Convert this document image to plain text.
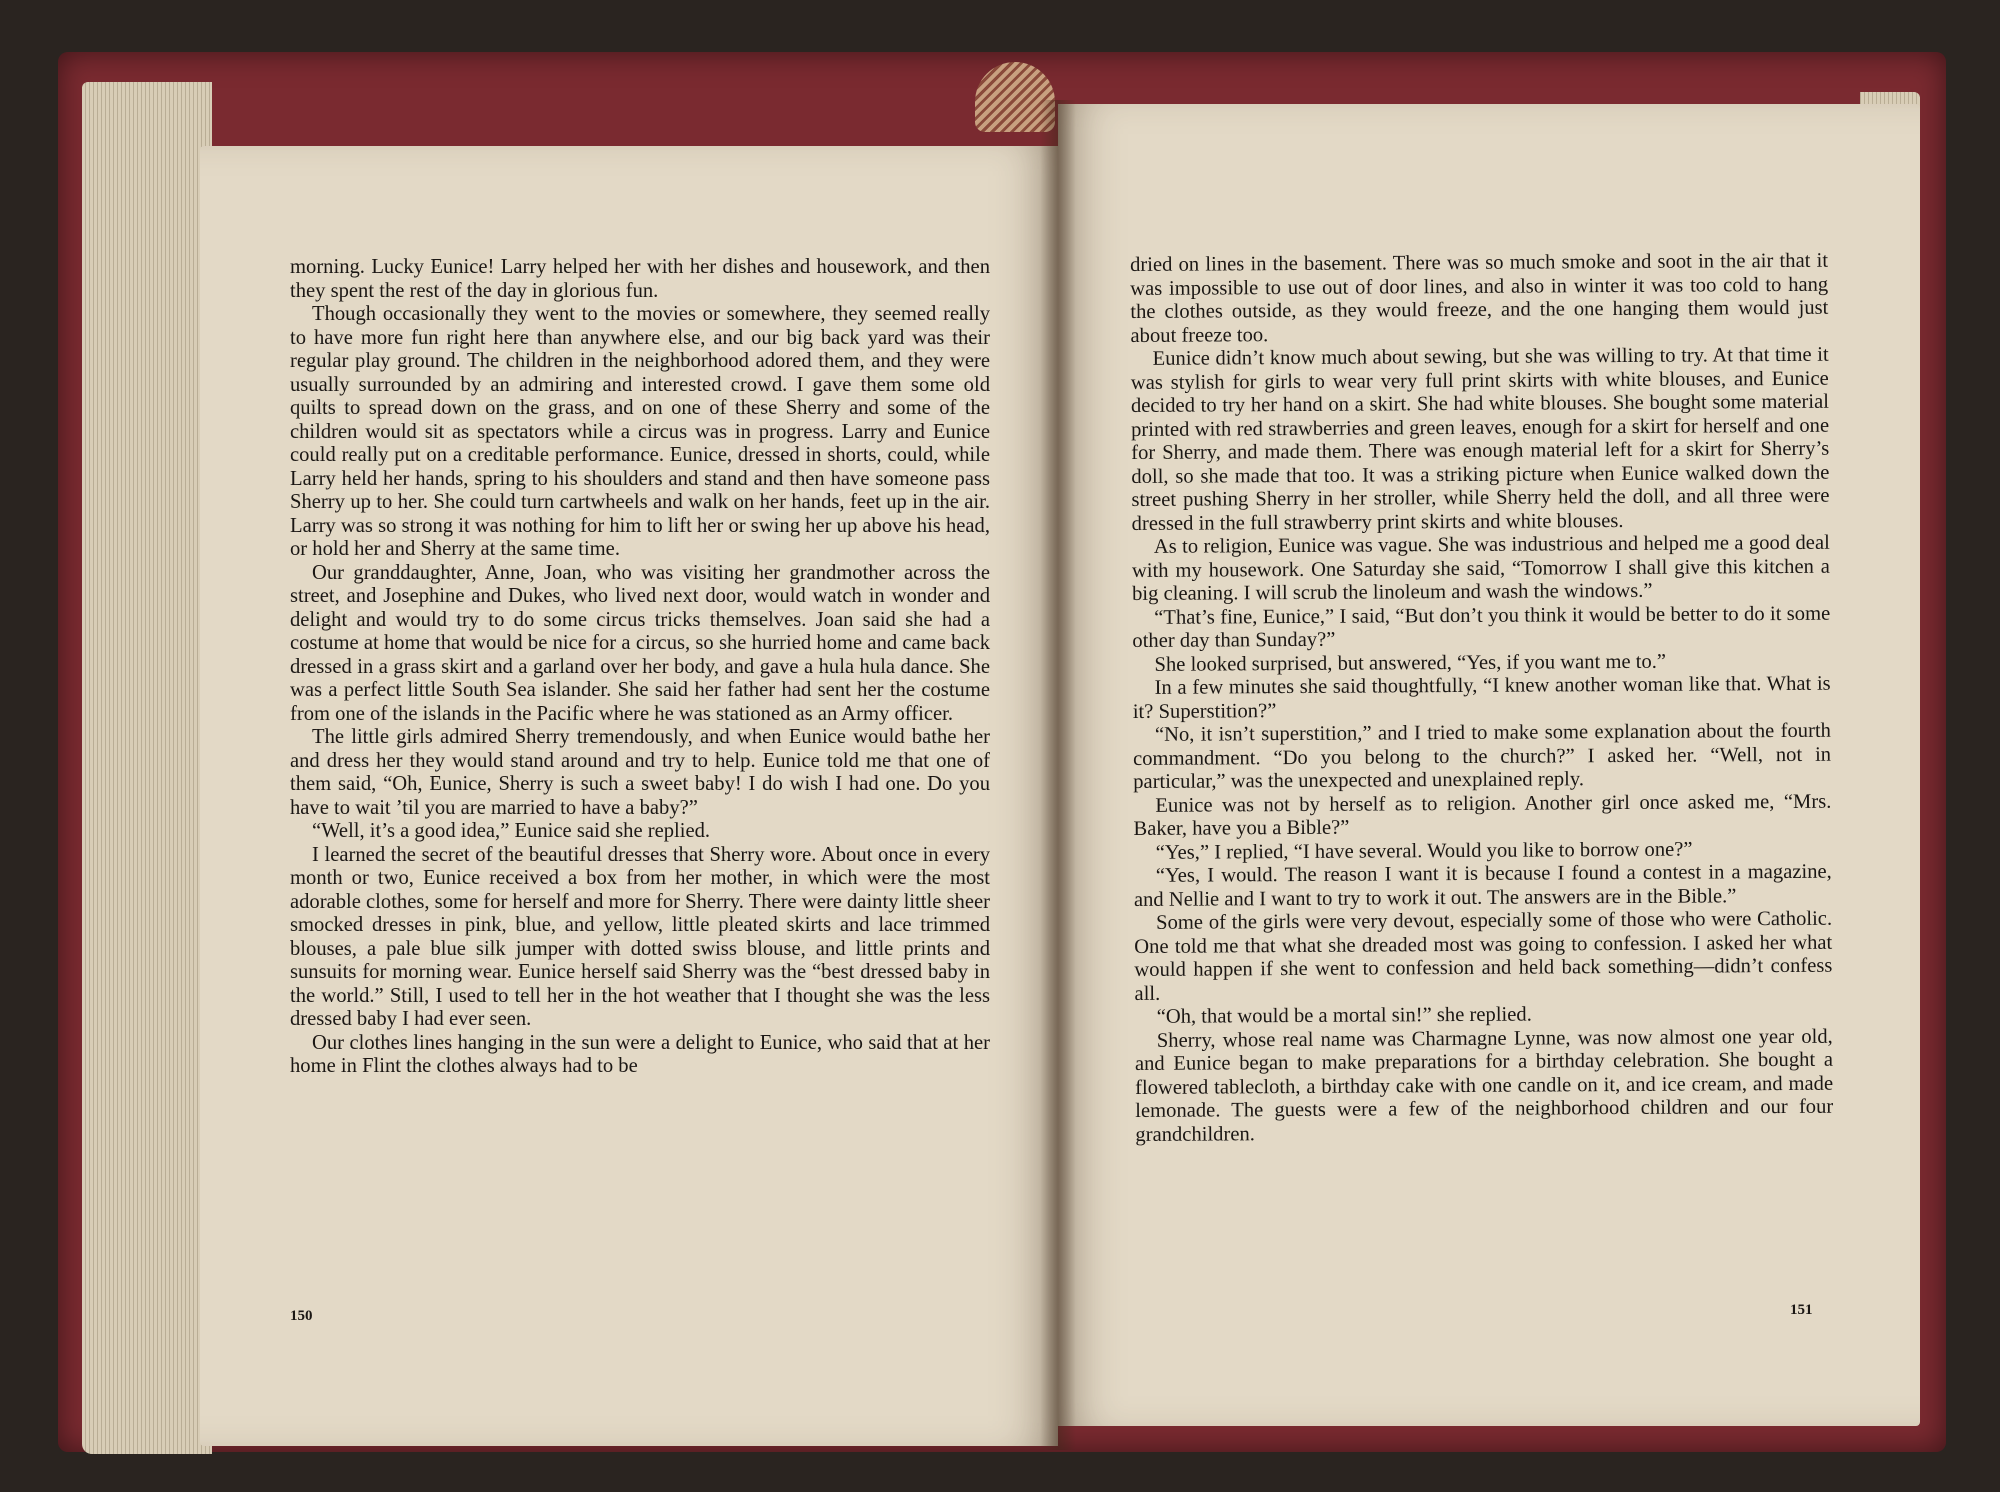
morning. Lucky Eunice! Larry helped her with her dishes and housework, and then they spent the rest of the day in glorious fun.

Though occasionally they went to the movies or somewhere, they seemed really to have more fun right here than anywhere else, and our big back yard was their regular play ground. The children in the neighborhood adored them, and they were usually surrounded by an admiring and interested crowd. I gave them some old quilts to spread down on the grass, and on one of these Sherry and some of the children would sit as spectators while a circus was in progress. Larry and Eunice could really put on a creditable performance. Eunice, dressed in shorts, could, while Larry held her hands, spring to his shoulders and stand and then have someone pass Sherry up to her. She could turn cartwheels and walk on her hands, feet up in the air. Larry was so strong it was nothing for him to lift her or swing her up above his head, or hold her and Sherry at the same time.

Our granddaughter, Anne, Joan, who was visiting her grandmother across the street, and Josephine and Dukes, who lived next door, would watch in wonder and delight and would try to do some circus tricks themselves. Joan said she had a costume at home that would be nice for a circus, so she hurried home and came back dressed in a grass skirt and a garland over her body, and gave a hula hula dance. She was a perfect little South Sea islander. She said her father had sent her the costume from one of the islands in the Pacific where he was stationed as an Army officer.

The little girls admired Sherry tremendously, and when Eunice would bathe her and dress her they would stand around and try to help. Eunice told me that one of them said, “Oh, Eunice, Sherry is such a sweet baby! I do wish I had one. Do you have to wait ’til you are married to have a baby?”

“Well, it’s a good idea,” Eunice said she replied.

I learned the secret of the beautiful dresses that Sherry wore. About once in every month or two, Eunice received a box from her mother, in which were the most adorable clothes, some for herself and more for Sherry. There were dainty little sheer smocked dresses in pink, blue, and yellow, little pleated skirts and lace trimmed blouses, a pale blue silk jumper with dotted swiss blouse, and little prints and sunsuits for morning wear. Eunice herself said Sherry was the “best dressed baby in the world.” Still, I used to tell her in the hot weather that I thought she was the less dressed baby I had ever seen.

Our clothes lines hanging in the sun were a delight to Eunice, who said that at her home in Flint the clothes always had to be

150

dried on lines in the basement. There was so much smoke and soot in the air that it was impossible to use out of door lines, and also in winter it was too cold to hang the clothes outside, as they would freeze, and the one hanging them would just about freeze too.

Eunice didn’t know much about sewing, but she was willing to try. At that time it was stylish for girls to wear very full print skirts with white blouses, and Eunice decided to try her hand on a skirt. She had white blouses. She bought some material printed with red strawberries and green leaves, enough for a skirt for herself and one for Sherry, and made them. There was enough material left for a skirt for Sherry’s doll, so she made that too. It was a striking picture when Eunice walked down the street pushing Sherry in her stroller, while Sherry held the doll, and all three were dressed in the full strawberry print skirts and white blouses.

As to religion, Eunice was vague. She was industrious and helped me a good deal with my housework. One Saturday she said, “Tomorrow I shall give this kitchen a big cleaning. I will scrub the linoleum and wash the windows.”

“That’s fine, Eunice,” I said, “But don’t you think it would be better to do it some other day than Sunday?”

She looked surprised, but answered, “Yes, if you want me to.”

In a few minutes she said thoughtfully, “I knew another woman like that. What is it? Superstition?”

“No, it isn’t superstition,” and I tried to make some explanation about the fourth commandment. “Do you belong to the church?” I asked her. “Well, not in particular,” was the unexpected and unexplained reply.

Eunice was not by herself as to religion. Another girl once asked me, “Mrs. Baker, have you a Bible?”

“Yes,” I replied, “I have several. Would you like to borrow one?”

“Yes, I would. The reason I want it is because I found a contest in a magazine, and Nellie and I want to try to work it out. The answers are in the Bible.”

Some of the girls were very devout, especially some of those who were Catholic. One told me that what she dreaded most was going to confession. I asked her what would happen if she went to confession and held back something—didn’t confess all.

“Oh, that would be a mortal sin!” she replied.

Sherry, whose real name was Charmagne Lynne, was now almost one year old, and Eunice began to make preparations for a birthday celebration. She bought a flowered tablecloth, a birthday cake with one candle on it, and ice cream, and made lemonade. The guests were a few of the neighborhood children and our four grandchildren.

151
